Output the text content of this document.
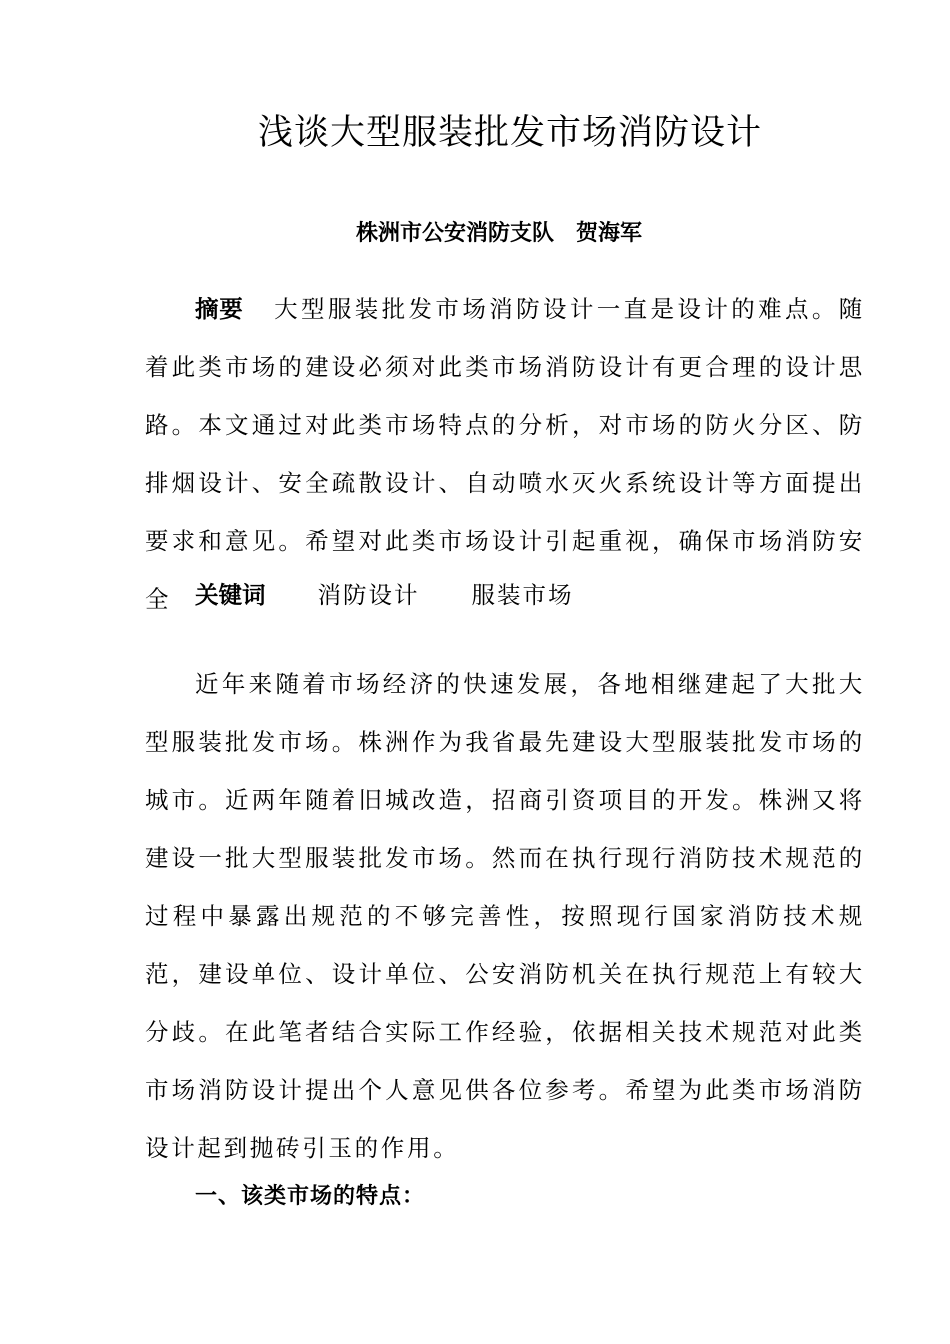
浅谈大型服装批发市场消防设计
株洲市公安消防支队 贺海军

摘要 大型服装批发市场消防设计一直是设计的难点。随着此类市场的建设必须对此类市场消防设计有更合理的设计思路。本文通过对此类市场特点的分析，对市场的防火分区、防排烟设计、安全疏散设计、自动喷水灭火系统设计等方面提出要求和意见。希望对此类市场设计引起重视，确保市场消防安全	关键词 消防设计 服装市场

近年来随着市场经济的快速发展，各地相继建起了大批大型服装批发市场。株洲作为我省最先建设大型服装批发市场的城市。近两年随着旧城改造，招商引资项目的开发。株洲又将建设一批大型服装批发市场。然而在执行现行消防技术规范的过程中暴露出规范的不够完善性，按照现行国家消防技术规范，建设单位、设计单位、公安消防机关在执行规范上有较大分歧。在此笔者结合实际工作经验，依据相关技术规范对此类市场消防设计提出个人意见供各位参考。希望为此类市场消防设计起到抛砖引玉的作用。

一、该类市场的特点：
